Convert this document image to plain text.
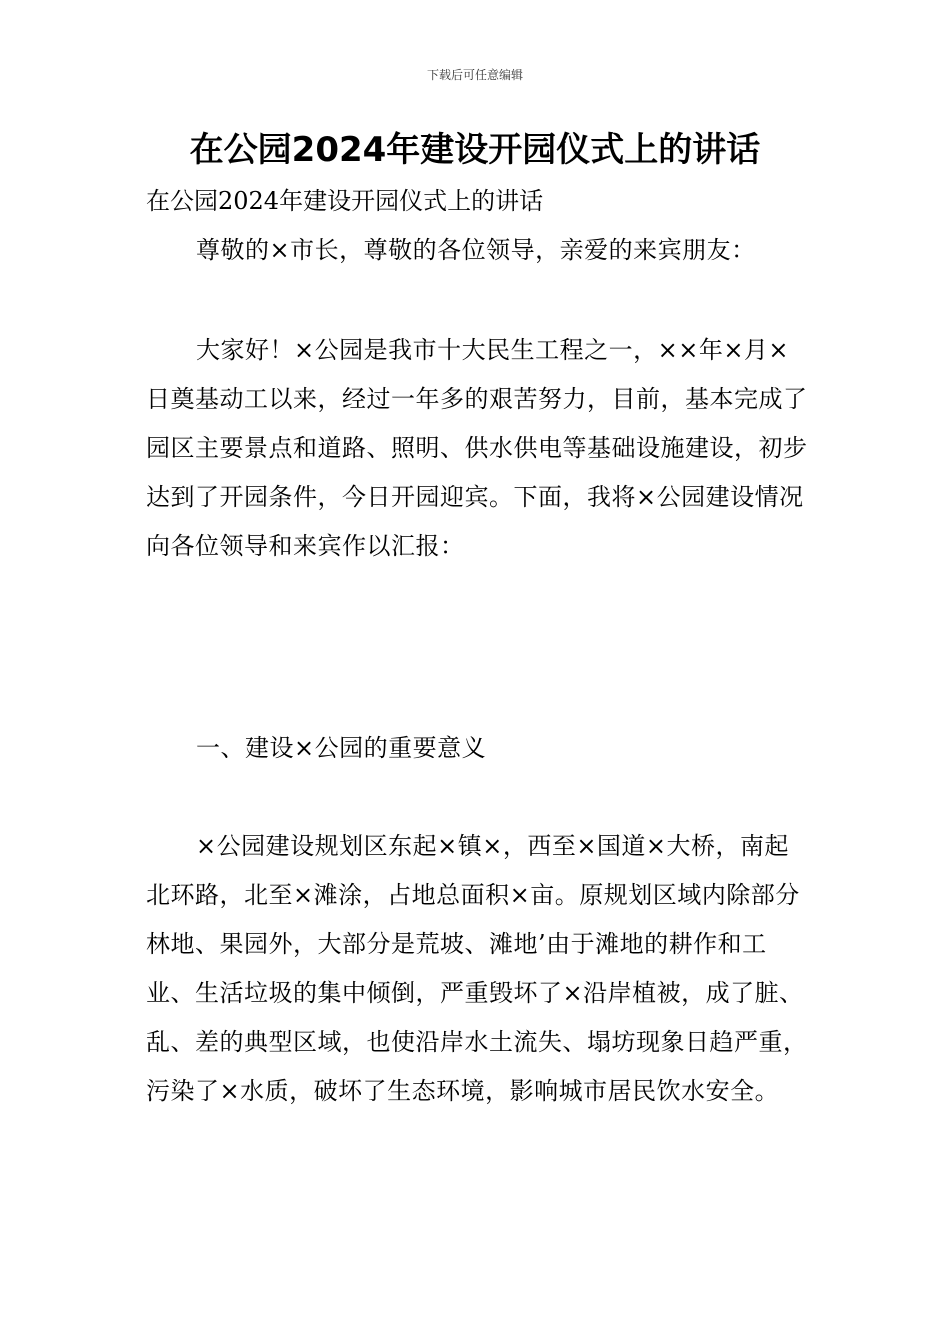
下载后可任意编辑
在公园2024年建设开园仪式上的讲话
在公园2024年建设开园仪式上的讲话

尊敬的×市长，尊敬的各位领导，亲爱的来宾朋友：

大家好！×公园是我市十大民生工程之一，××年×月×日奠基动工以来，经过一年多的艰苦努力，目前，基本完成了园区主要景点和道路、照明、供水供电等基础设施建设，初步达到了开园条件，今日开园迎宾。下面，我将×公园建设情况向各位领导和来宾作以汇报：

一、建设×公园的重要意义

×公园建设规划区东起×镇×，西至×国道×大桥，南起北环路，北至×滩涂，占地总面积×亩。原规划区域内除部分林地、果园外，大部分是荒坡、滩地’由于滩地的耕作和工业、生活垃圾的集中倾倒，严重毁坏了×沿岸植被，成了脏、乱、差的典型区域，也使沿岸水土流失、塌坊现象日趋严重，污染了×水质，破坏了生态环境，影响城市居民饮水安全。
